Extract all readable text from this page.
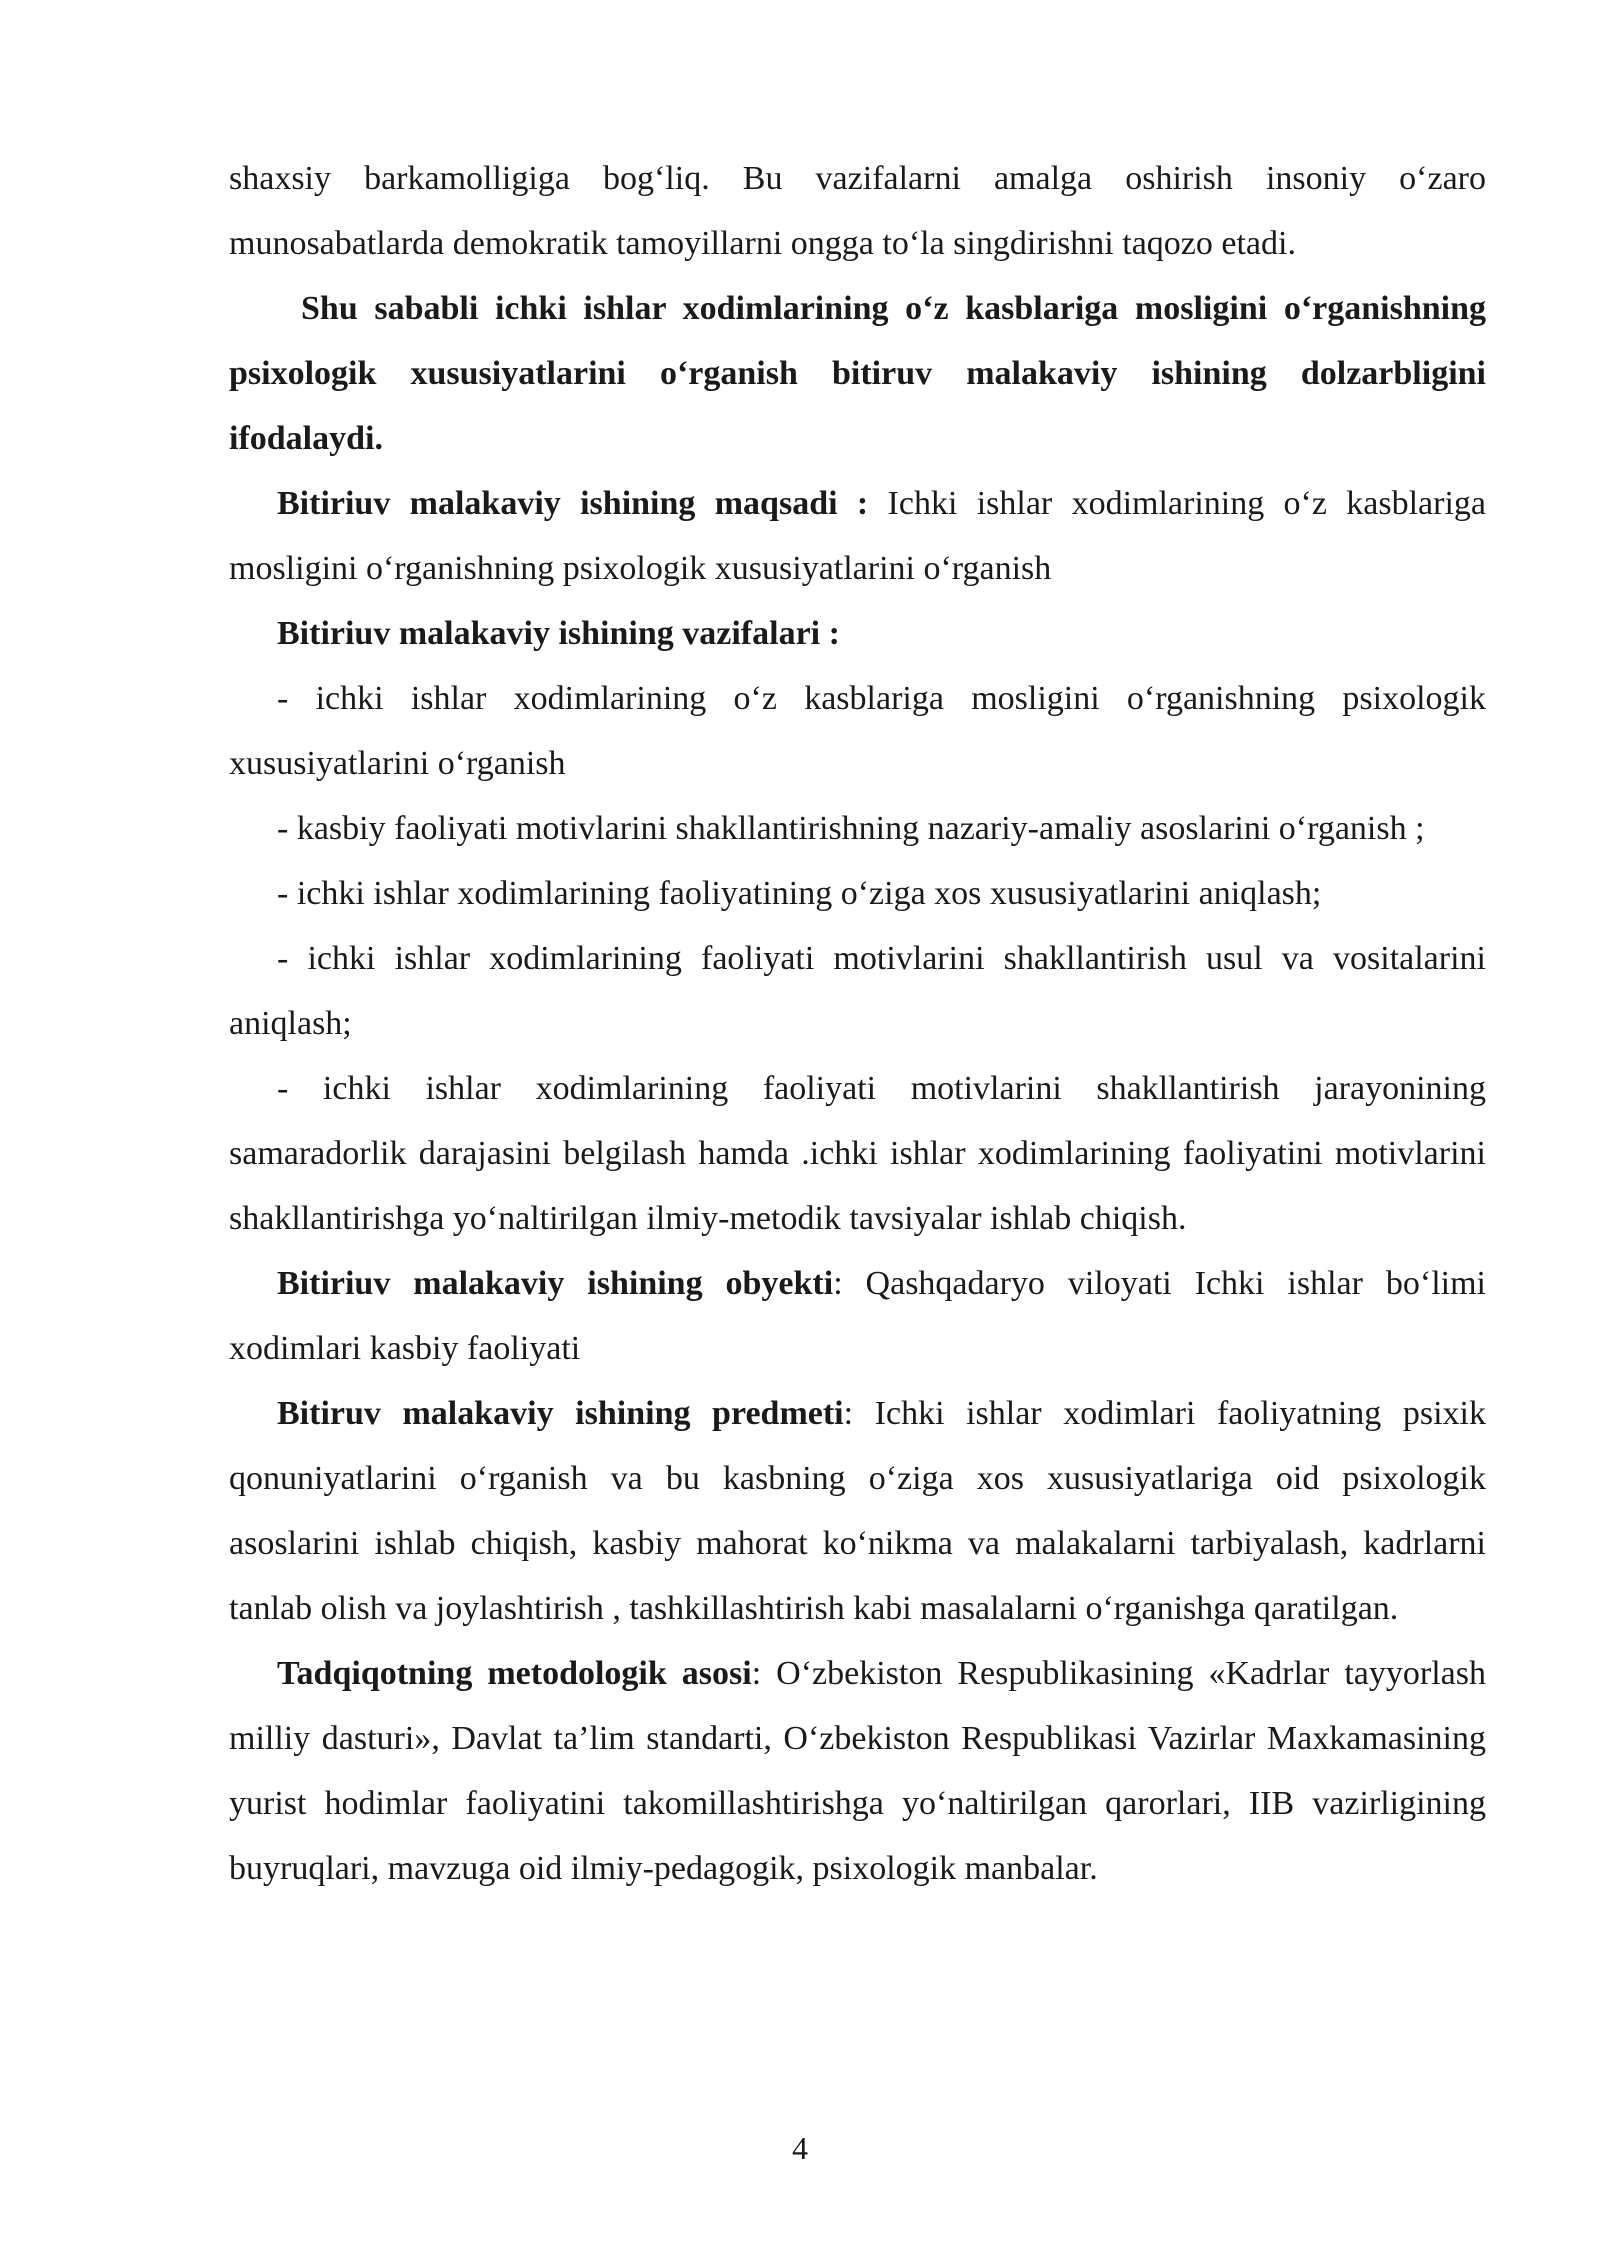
shaxsiy barkamolligiga bog‘liq. Bu vazifalarni amalga oshirish insoniy o‘zaro munosabatlarda demokratik tamoyillarni ongga to‘la singdirishni taqozo etadi.

Shu sababli ichki ishlar xodimlarining o‘z kasblariga mosligini o‘rganishning psixologik xususiyatlarini o‘rganish bitiruv malakaviy ishining dolzarbligini ifodalaydi.

Bitiriuv malakaviy ishining maqsadi : Ichki ishlar xodimlarining o‘z kasblariga mosligini o‘rganishning psixologik xususiyatlarini o‘rganish

Bitiriuv malakaviy ishining vazifalari :

- ichki ishlar xodimlarining o‘z kasblariga mosligini o‘rganishning psixologik xususiyatlarini o‘rganish

- kasbiy faoliyati motivlarini shakllantirishning nazariy-amaliy asoslarini o‘rganish ;

- ichki ishlar xodimlarining faoliyatining o‘ziga xos xususiyatlarini aniqlash;

- ichki ishlar xodimlarining faoliyati motivlarini shakllantirish usul va vositalarini aniqlash;

- ichki ishlar xodimlarining faoliyati motivlarini shakllantirish jarayonining samaradorlik darajasini belgilash hamda .ichki ishlar xodimlarining faoliyatini motivlarini shakllantirishga yo‘naltirilgan ilmiy-metodik tavsiyalar ishlab chiqish.

Bitiriuv malakaviy ishining obyekti: Qashqadaryo viloyati Ichki ishlar bo‘limi xodimlari kasbiy faoliyati

Bitiruv malakaviy ishining predmeti: Ichki ishlar xodimlari faoliyatning psixik qonuniyatlarini o‘rganish va bu kasbning o‘ziga xos xususiyatlariga oid psixologik asoslarini ishlab chiqish, kasbiy mahorat ko‘nikma va malakalarni tarbiyalash, kadrlarni tanlab olish va joylashtirish , tashkillashtirish kabi masalalarni o‘rganishga qaratilgan.

Tadqiqotning metodologik asosi: O‘zbekiston Respublikasining «Kadrlar tayyorlash milliy dasturi», Davlat ta’lim standarti, O‘zbekiston Respublikasi Vazirlar Maxkamasining yurist hodimlar faoliyatini takomillashtirishga yo‘naltirilgan qarorlari, IIB vazirligining buyruqlari, mavzuga oid ilmiy-pedagogik, psixologik manbalar.

4
